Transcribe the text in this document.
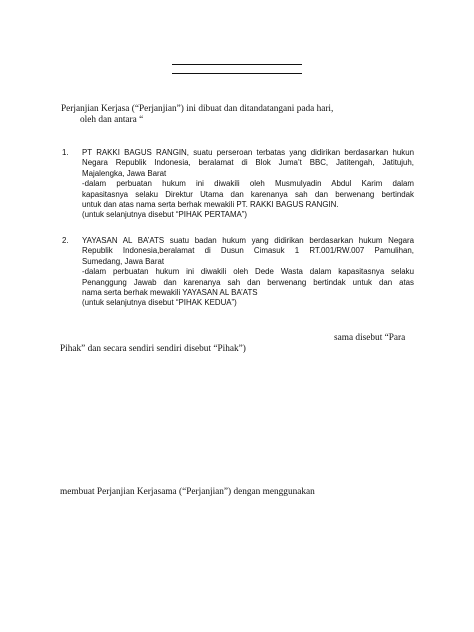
Perjanjian Kerjasa (“Perjanjian”) ini dibuat dan ditandatangani pada hari,
oleh dan antara “
1. PT RAKKI BAGUS RANGIN, suatu perseroan terbatas yang didirikan berdasarkan hukun
Negara Republik Indonesia, beralamat di Blok Juma’t BBC, Jatitengah, Jatitujuh,
Majalengka, Jawa Barat
-dalam perbuatan hukum ini diwakili oleh Musmulyadin Abdul Karim dalam
kapasitasnya selaku Direktur Utama dan karenanya sah dan berwenang bertindak
untuk dan atas nama serta berhak mewakili PT. RAKKI BAGUS RANGIN.
(untuk selanjutnya disebut “PIHAK PERTAMA”)
2. YAYASAN AL BA’ATS suatu badan hukum yang didirikan berdasarkan hukum Negara
Republik Indonesia,beralamat di Dusun Cimasuk 1 RT.001/RW.007 Pamulihan,
Sumedang, Jawa Barat
-dalam perbuatan hukum ini diwakili oleh Dede Wasta dalam kapasitasnya selaku
Penanggung Jawab dan karenanya sah dan berwenang bertindak untuk dan atas
nama serta berhak mewakili YAYASAN AL BA’ATS
(untuk selanjutnya disebut “PIHAK KEDUA”)
sama disebut “Para
Pihak” dan secara sendiri sendiri disebut “Pihak”)
membuat Perjanjian Kerjasama (“Perjanjian”) dengan menggunakan
